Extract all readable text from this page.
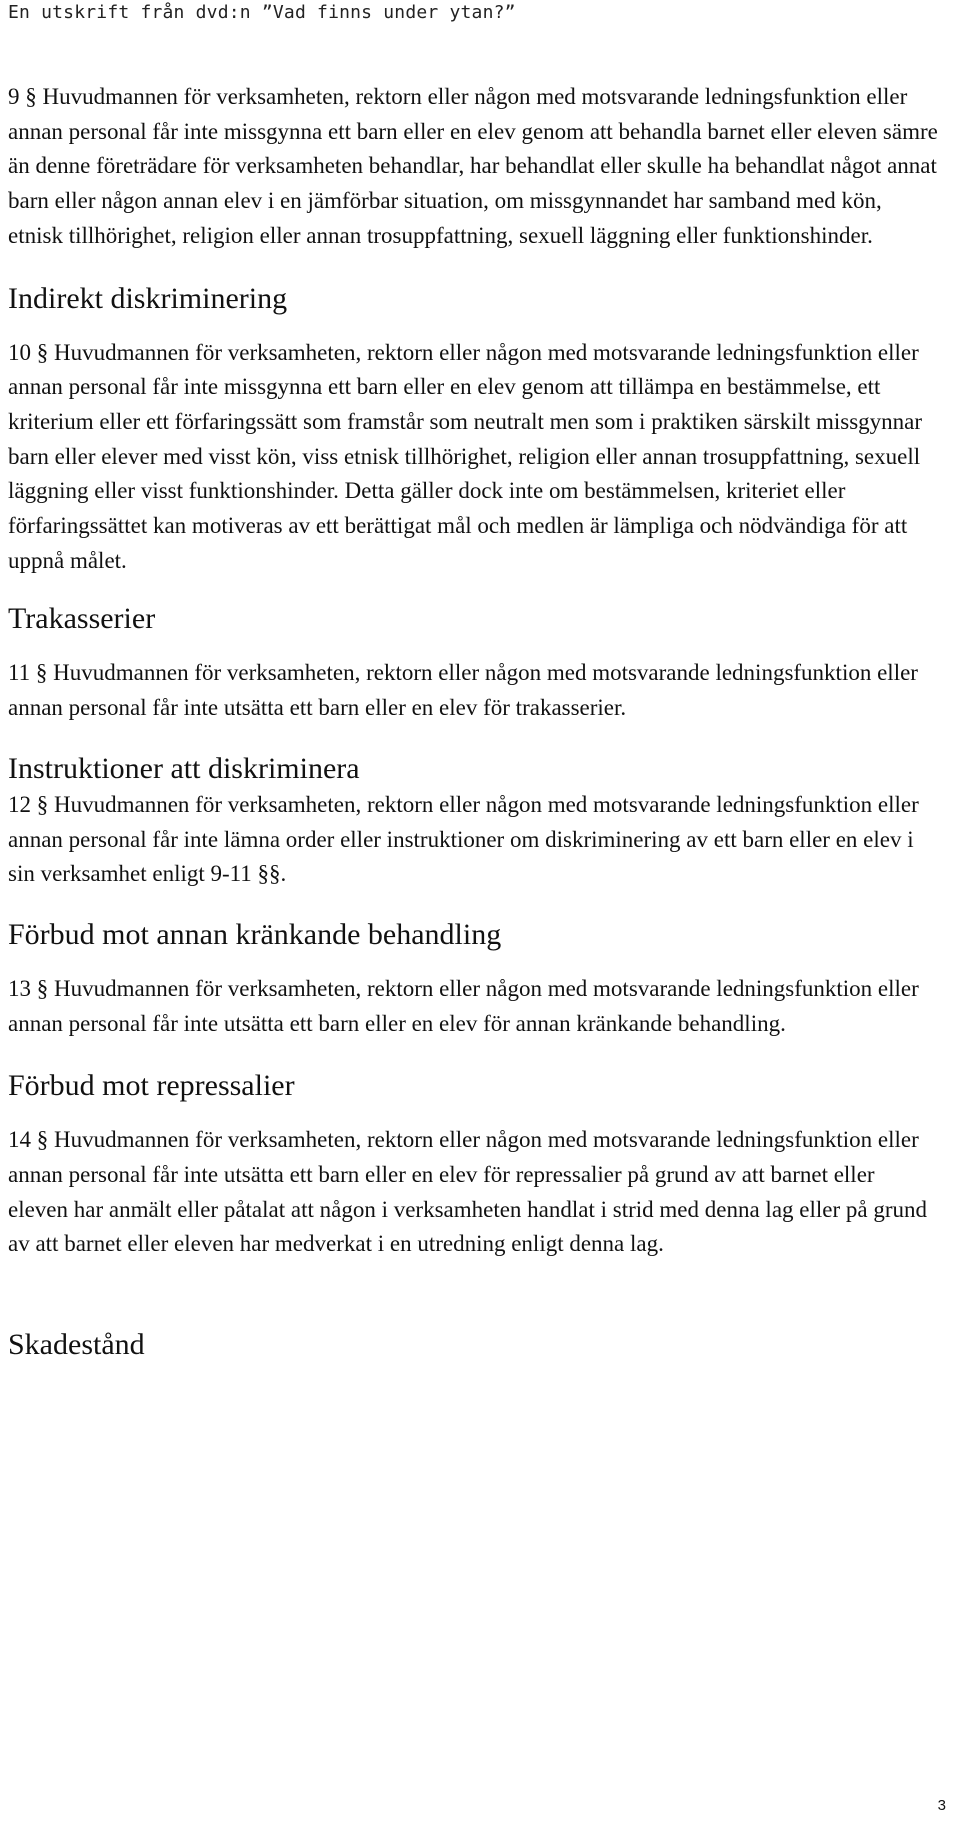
En utskrift från dvd:n ”Vad finns under ytan?”

9 § Huvudmannen för verksamheten, rektorn eller någon med motsvarande ledningsfunktion eller annan personal får inte missgynna ett barn eller en elev genom att behandla barnet eller eleven sämre än denne företrädare för verksamheten behandlar, har behandlat eller skulle ha behandlat något annat barn eller någon annan elev i en jämförbar situation, om missgynnandet har samband med kön, etnisk tillhörighet, religion eller annan trosuppfattning, sexuell läggning eller funktionshinder.

Indirekt diskriminering

10 § Huvudmannen för verksamheten, rektorn eller någon med motsvarande ledningsfunktion eller annan personal får inte missgynna ett barn eller en elev genom att tillämpa en bestämmelse, ett kriterium eller ett förfaringssätt som framstår som neutralt men som i praktiken särskilt missgynnar barn eller elever med visst kön, viss etnisk tillhörighet, religion eller annan trosuppfattning, sexuell läggning eller visst funktionshinder. Detta gäller dock inte om bestämmelsen, kriteriet eller förfaringssättet kan motiveras av ett berättigat mål och medlen är lämpliga och nödvändiga för att uppnå målet.

Trakasserier

11 § Huvudmannen för verksamheten, rektorn eller någon med motsvarande ledningsfunktion eller annan personal får inte utsätta ett barn eller en elev för trakasserier.

Instruktioner att diskriminera

12 § Huvudmannen för verksamheten, rektorn eller någon med motsvarande ledningsfunktion eller annan personal får inte lämna order eller instruktioner om diskriminering av ett barn eller en elev i sin verksamhet enligt 9-11 §§.

Förbud mot annan kränkande behandling

13 § Huvudmannen för verksamheten, rektorn eller någon med motsvarande ledningsfunktion eller annan personal får inte utsätta ett barn eller en elev för annan kränkande behandling.

Förbud mot repressalier

14 § Huvudmannen för verksamheten, rektorn eller någon med motsvarande ledningsfunktion eller annan personal får inte utsätta ett barn eller en elev för repressalier på grund av att barnet eller eleven har anmält eller påtalat att någon i verksamheten handlat i strid med denna lag eller på grund av att barnet eller eleven har medverkat i en utredning enligt denna lag.

Skadestånd
3
